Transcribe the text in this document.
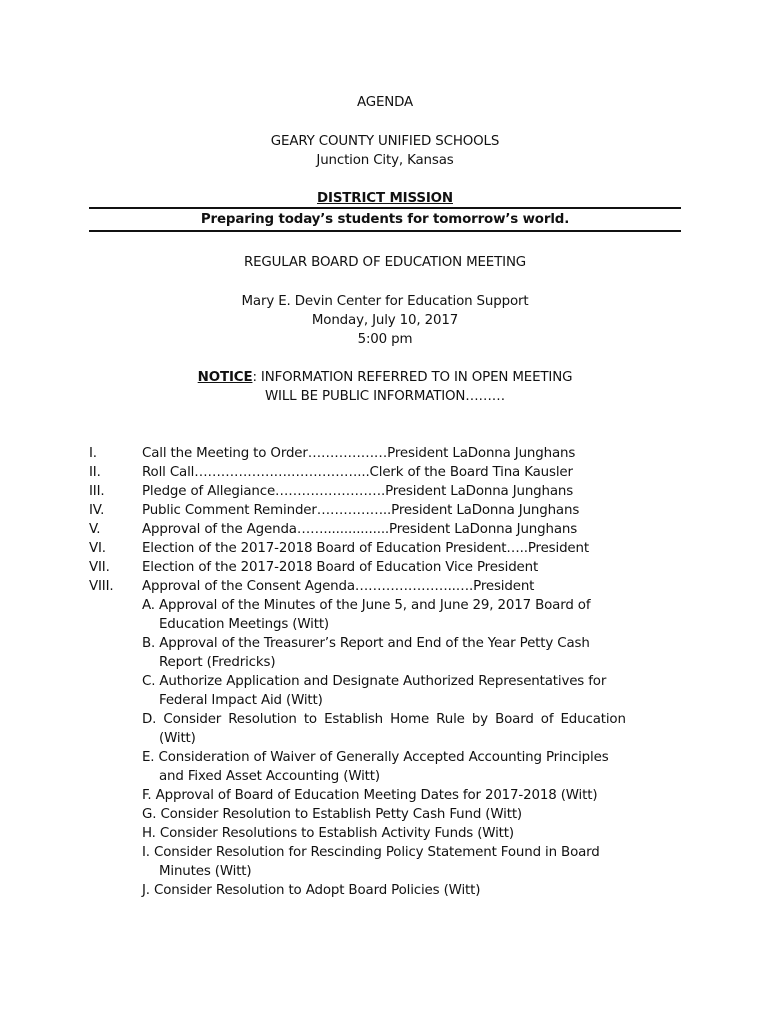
AGENDA
GEARY COUNTY UNIFIED SCHOOLS
Junction City, Kansas
DISTRICT MISSION
Preparing today’s students for tomorrow’s world.
REGULAR BOARD OF EDUCATION MEETING
Mary E. Devin Center for Education Support
Monday, July 10, 2017
5:00 pm
NOTICE: INFORMATION REFERRED TO IN OPEN MEETING
WILL BE PUBLIC INFORMATION………
I.	Call the Meeting to Order………………President LaDonna Junghans
II.	Roll Call………………….……………...Clerk of the Board Tina Kausler
III.	Pledge of Allegiance…………………….President LaDonna Junghans
IV.	Public Comment Reminder……………..President LaDonna Junghans
V.	Approval of the Agenda……................President LaDonna Junghans
VI.	Election of the 2017-2018 Board of Education President…..President
VII. Election of the 2017-2018 Board of Education Vice President
VIII. Approval of the Consent Agenda…………………..….President
A. Approval of the Minutes of the June 5, and June 29, 2017 Board of
Education Meetings (Witt)
B. Approval of the Treasurer’s Report and End of the Year Petty Cash
Report (Fredricks)
C. Authorize Application and Designate Authorized Representatives for
Federal Impact Aid (Witt)
D. Consider Resolution to Establish Home Rule by Board of Education
(Witt)
E. Consideration of Waiver of Generally Accepted Accounting Principles
and Fixed Asset Accounting (Witt)
F. Approval of Board of Education Meeting Dates for 2017-2018 (Witt)
G. Consider Resolution to Establish Petty Cash Fund (Witt)
H. Consider Resolutions to Establish Activity Funds (Witt)
I. Consider Resolution for Rescinding Policy Statement Found in Board
Minutes (Witt)
J. Consider Resolution to Adopt Board Policies (Witt)
